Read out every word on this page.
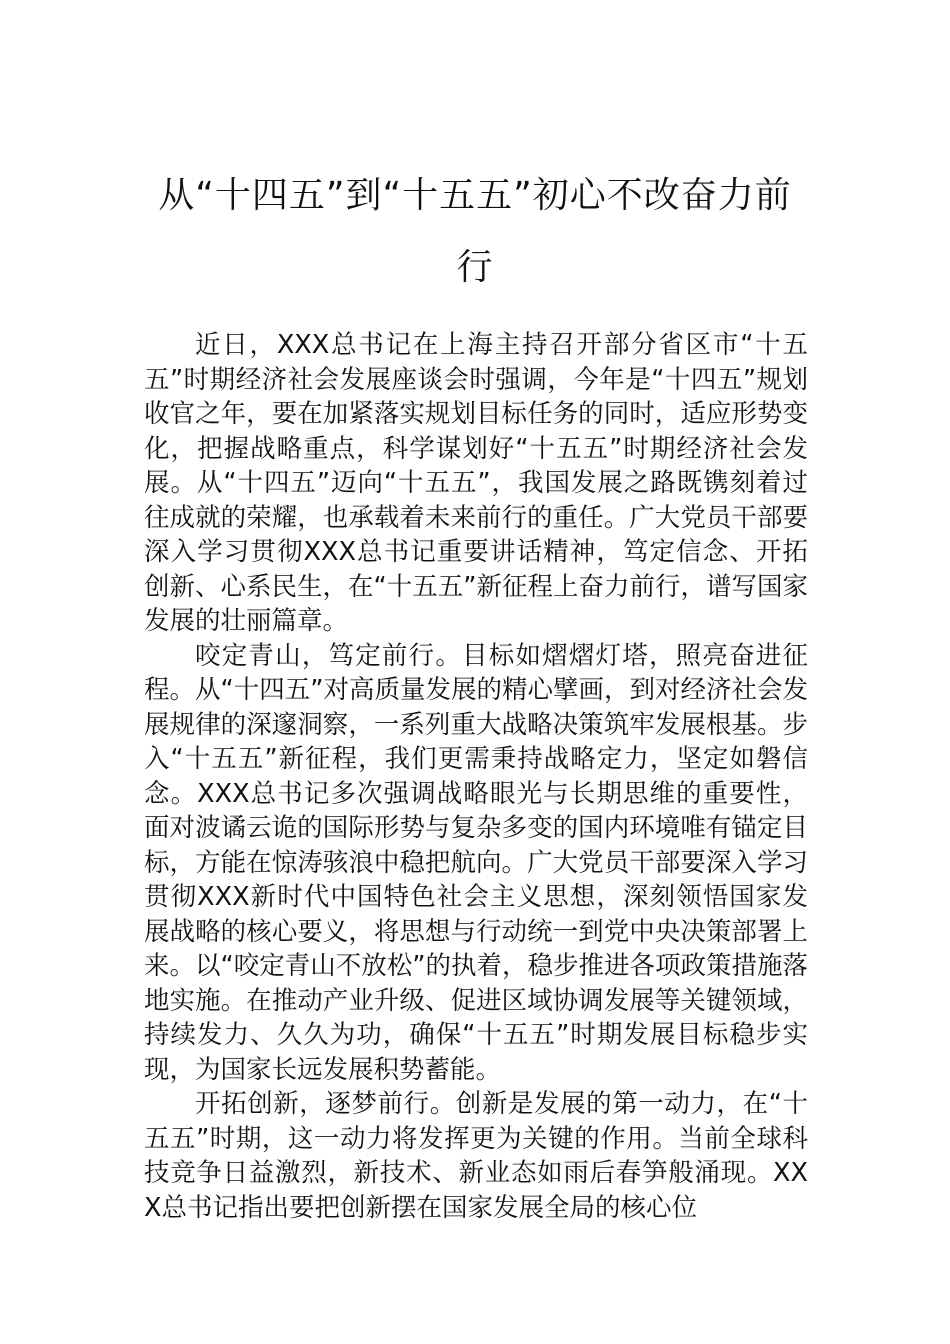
从“十四五”到“十五五”初心不改奋力前行

近日，XXX总书记在上海主持召开部分省区市“十五五”时期经济社会发展座谈会时强调，今年是“十四五”规划收官之年，要在加紧落实规划目标任务的同时，适应形势变化，把握战略重点，科学谋划好“十五五”时期经济社会发展。从“十四五”迈向“十五五”，我国发展之路既镌刻着过往成就的荣耀，也承载着未来前行的重任。广大党员干部要深入学习贯彻XXX总书记重要讲话精神，笃定信念、开拓创新、心系民生，在“十五五”新征程上奋力前行，谱写国家发展的壮丽篇章。

咬定青山，笃定前行。目标如熠熠灯塔，照亮奋进征程。从“十四五”对高质量发展的精心擘画，到对经济社会发展规律的深邃洞察，一系列重大战略决策筑牢发展根基。步入“十五五”新征程，我们更需秉持战略定力，坚定如磐信念。XXX总书记多次强调战略眼光与长期思维的重要性，面对波谲云诡的国际形势与复杂多变的国内环境唯有锚定目标，方能在惊涛骇浪中稳把航向。广大党员干部要深入学习贯彻XXX新时代中国特色社会主义思想，深刻领悟国家发展战略的核心要义，将思想与行动统一到党中央决策部署上来。以“咬定青山不放松”的执着，稳步推进各项政策措施落地实施。在推动产业升级、促进区域协调发展等关键领域，持续发力、久久为功，确保“十五五”时期发展目标稳步实现，为国家长远发展积势蓄能。

开拓创新，逐梦前行。创新是发展的第一动力，在“十五五”时期，这一动力将发挥更为关键的作用。当前全球科技竞争日益激烈，新技术、新业态如雨后春笋般涌现。XXX总书记指出要把创新摆在国家发展全局的核心位
